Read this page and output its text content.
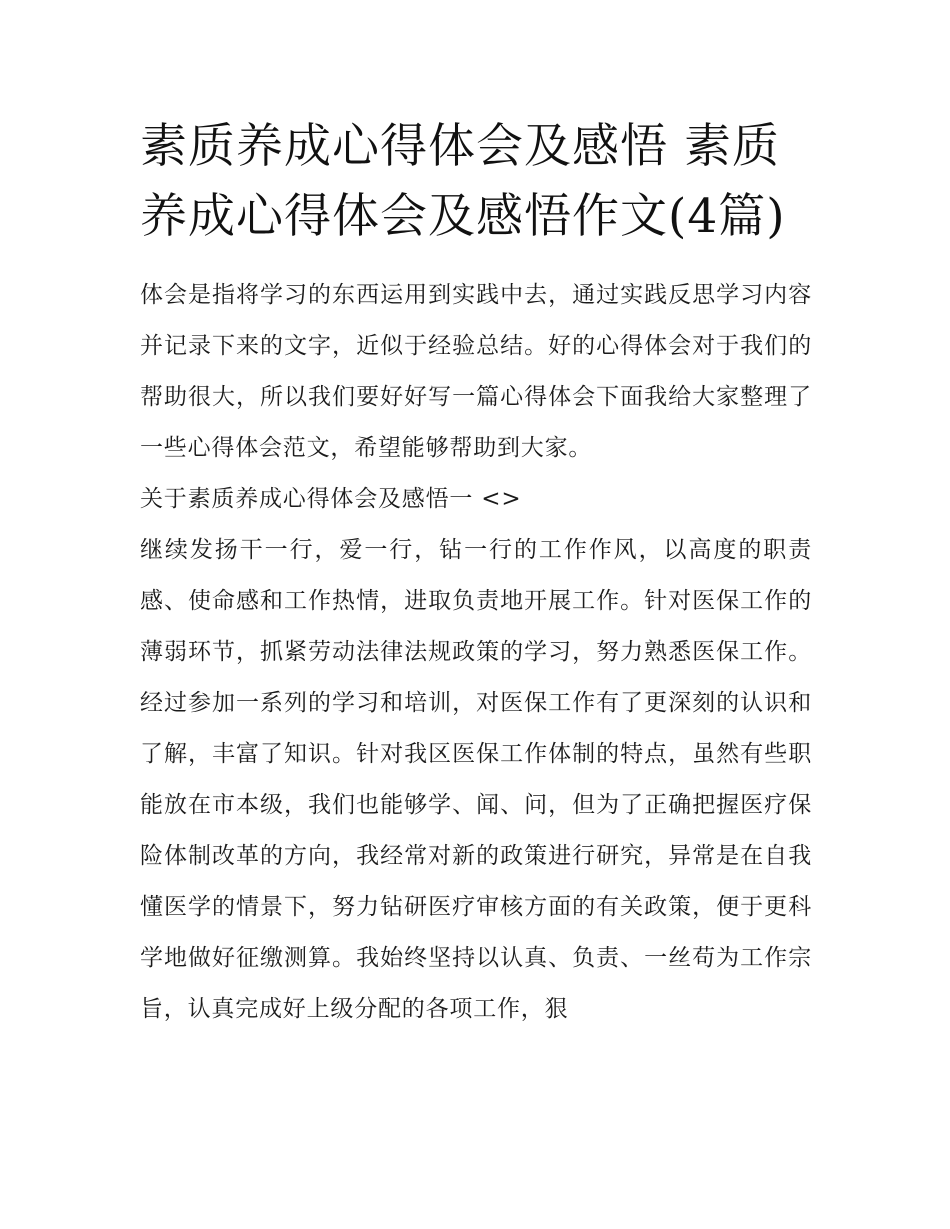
素质养成心得体会及感悟 素质养成心得体会及感悟作文(4篇)

体会是指将学习的东西运用到实践中去，通过实践反思学习内容并记录下来的文字，近似于经验总结。好的心得体会对于我们的帮助很大，所以我们要好好写一篇心得体会下面我给大家整理了一些心得体会范文，希望能够帮助到大家。

关于素质养成心得体会及感悟一 <>

继续发扬干一行，爱一行，钻一行的工作作风，以高度的职责感、使命感和工作热情，进取负责地开展工作。针对医保工作的薄弱环节，抓紧劳动法律法规政策的学习，努力熟悉医保工作。经过参加一系列的学习和培训，对医保工作有了更深刻的认识和了解，丰富了知识。针对我区医保工作体制的特点，虽然有些职能放在市本级，我们也能够学、闻、问，但为了正确把握医疗保险体制改革的方向，我经常对新的政策进行研究，异常是在自我懂医学的情景下，努力钻研医疗审核方面的有关政策，便于更科学地做好征缴测算。我始终坚持以认真、负责、一丝苟为工作宗旨，认真完成好上级分配的各项工作，狠
